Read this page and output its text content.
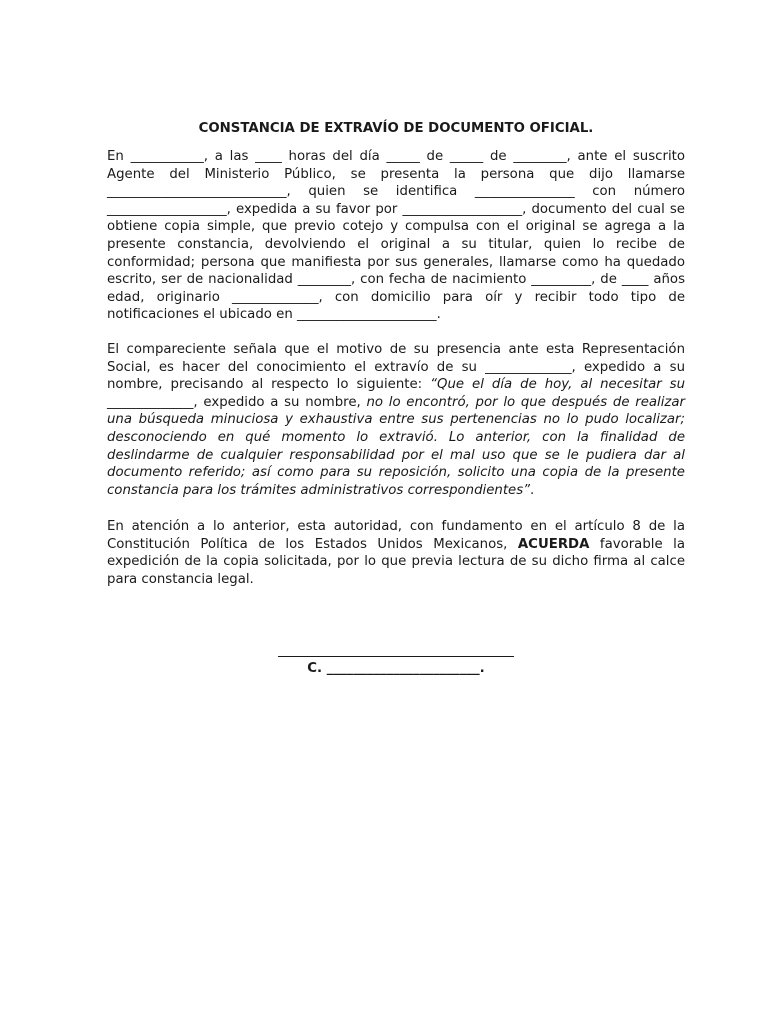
CONSTANCIA DE EXTRAVÍO DE DOCUMENTO OFICIAL.

En ___________, a las ____ horas del día _____ de _____ de ________, ante el suscrito Agente del Ministerio Público, se presenta la persona que dijo llamarse ___________________________, quien se identifica _______________ con número __________________, expedida a su favor por __________________, documento del cual se obtiene copia simple, que previo cotejo y compulsa con el original se agrega a la presente constancia, devolviendo el original a su titular, quien lo recibe de conformidad; persona que manifiesta por sus generales, llamarse como ha quedado escrito, ser de nacionalidad ________, con fecha de nacimiento _________, de ____ años edad, originario _____________, con domicilio para oír y recibir todo tipo de notificaciones el ubicado en _____________________.

El compareciente señala que el motivo de su presencia ante esta Representación Social, es hacer del conocimiento el extravío de su _____________, expedido a su nombre, precisando al respecto lo siguiente: “Que el día de hoy, al necesitar su _____________, expedido a su nombre, no lo encontró, por lo que después de realizar una búsqueda minuciosa y exhaustiva entre sus pertenencias no lo pudo localizar; desconociendo en qué momento lo extravió. Lo anterior, con la finalidad de deslindarme de cualquier responsabilidad por el mal uso que se le pudiera dar al documento referido; así como para su reposición, solicito una copia de la presente constancia para los trámites administrativos correspondientes”.

En atención a lo anterior, esta autoridad, con fundamento en el artículo 8 de la Constitución Política de los Estados Unidos Mexicanos, ACUERDA favorable la expedición de la copia solicitada, por lo que previa lectura de su dicho firma al calce para constancia legal.

C. _______________________.
